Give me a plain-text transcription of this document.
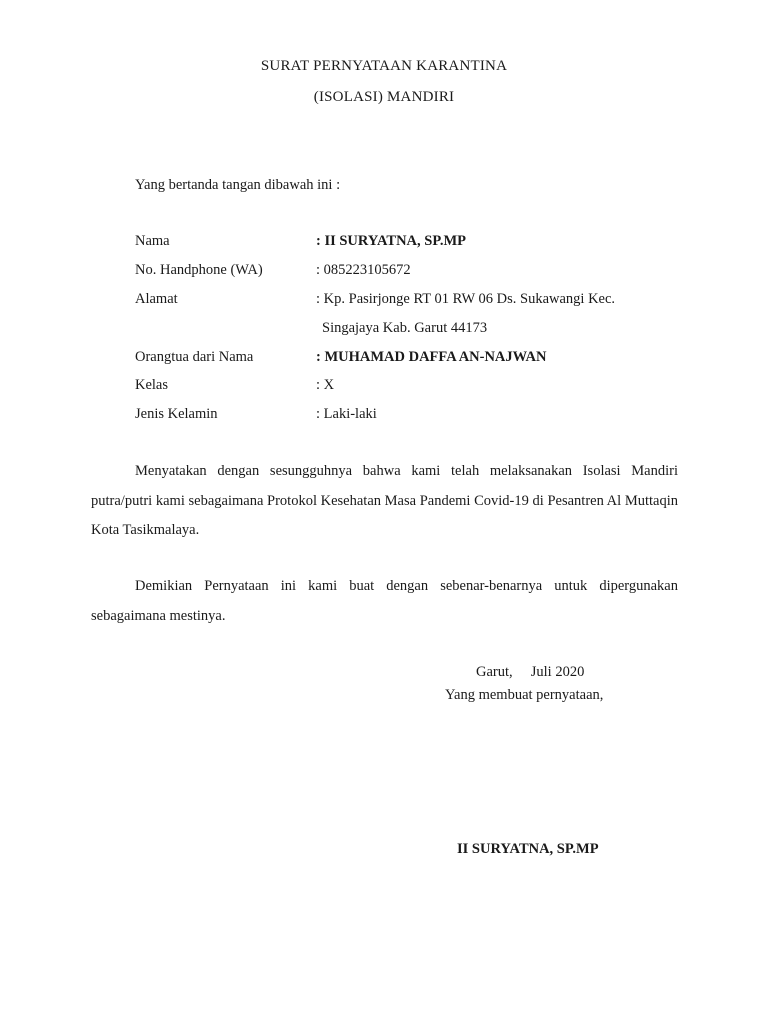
SURAT PERNYATAAN KARANTINA
(ISOLASI) MANDIRI
Yang bertanda tangan dibawah ini :
Nama	: II SURYATNA, SP.MP
No. Handphone (WA)	: 085223105672
Alamat	: Kp. Pasirjonge RT 01 RW 06 Ds. Sukawangi Kec.
Singajaya Kab. Garut 44173
Orangtua dari Nama	: MUHAMAD DAFFA AN-NAJWAN
Kelas	: X
Jenis Kelamin	: Laki-laki

Menyatakan dengan sesungguhnya bahwa kami telah melaksanakan Isolasi Mandiri putra/putri kami sebagaimana Protokol Kesehatan Masa Pandemi Covid-19 di Pesantren Al Muttaqin Kota Tasikmalaya.

Demikian Pernyataan ini kami buat dengan sebenar-benarnya untuk dipergunakan sebagaimana mestinya.

Garut,     Juli 2020
Yang membuat pernyataan,
II SURYATNA, SP.MP
